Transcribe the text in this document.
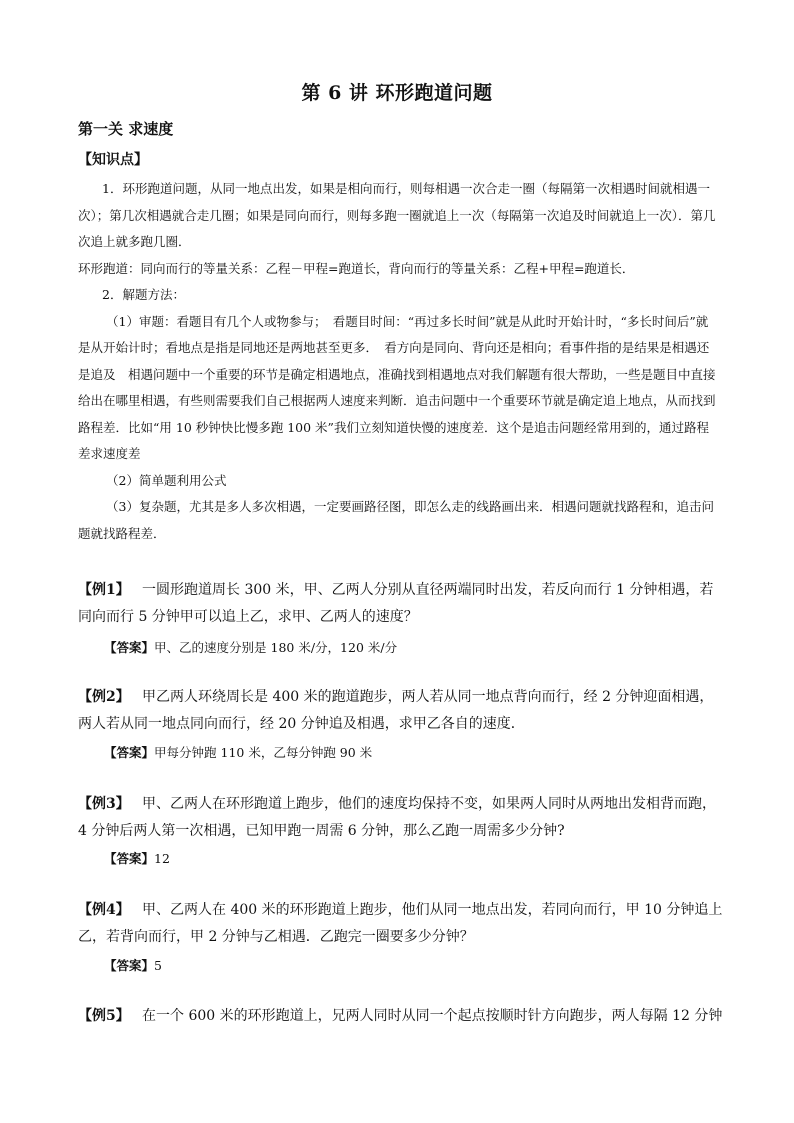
第 6 讲 环形跑道问题
第一关 求速度
【知识点】

1．环形跑道问题，从同一地点出发，如果是相向而行，则每相遇一次合走一圈（每隔第一次相遇时间就相遇一次）；第几次相遇就合走几圈；如果是同向而行，则每多跑一圈就追上一次（每隔第一次追及时间就追上一次）．第几次追上就多跑几圈．

环形跑道：同向而行的等量关系：乙程－甲程=跑道长，背向而行的等量关系：乙程+甲程=跑道长．

2．解题方法：

（1）审题：看题目有几个人或物参与；　看题目时间：“再过多长时间”就是从此时开始计时，“多长时间后”就是从开始计时；看地点是指是同地还是两地甚至更多．　看方向是同向、背向还是相向；看事件指的是结果是相遇还是追及　相遇问题中一个重要的环节是确定相遇地点，准确找到相遇地点对我们解题有很大帮助，一些是题目中直接给出在哪里相遇，有些则需要我们自己根据两人速度来判断．追击问题中一个重要环节就是确定追上地点，从而找到路程差．比如“用 10 秒钟快比慢多跑 100 米”我们立刻知道快慢的速度差．这个是追击问题经常用到的，通过路程差求速度差

（2）简单题利用公式

（3）复杂题，尤其是多人多次相遇，一定要画路径图，即怎么走的线路画出来．相遇问题就找路程和，追击问题就找路程差．

【例1】 一圆形跑道周长 300 米，甲、乙两人分别从直径两端同时出发，若反向而行 1 分钟相遇，若同向而行 5 分钟甲可以追上乙，求甲、乙两人的速度？
【答案】甲、乙的速度分别是 180 米/分，120 米/分
【例2】 甲乙两人环绕周长是 400 米的跑道跑步，两人若从同一地点背向而行，经 2 分钟迎面相遇，两人若从同一地点同向而行，经 20 分钟追及相遇，求甲乙各自的速度．
【答案】甲每分钟跑 110 米，乙每分钟跑 90 米
【例3】 甲、乙两人在环形跑道上跑步，他们的速度均保持不变，如果两人同时从两地出发相背而跑，4 分钟后两人第一次相遇，已知甲跑一周需 6 分钟，那么乙跑一周需多少分钟?
【答案】12
【例4】 甲、乙两人在 400 米的环形跑道上跑步，他们从同一地点出发，若同向而行，甲 10 分钟追上乙，若背向而行，甲 2 分钟与乙相遇．乙跑完一圈要多少分钟？
【答案】5
【例5】 在一个 600 米的环形跑道上，兄两人同时从同一个起点按顺时针方向跑步，两人每隔 12 分钟
